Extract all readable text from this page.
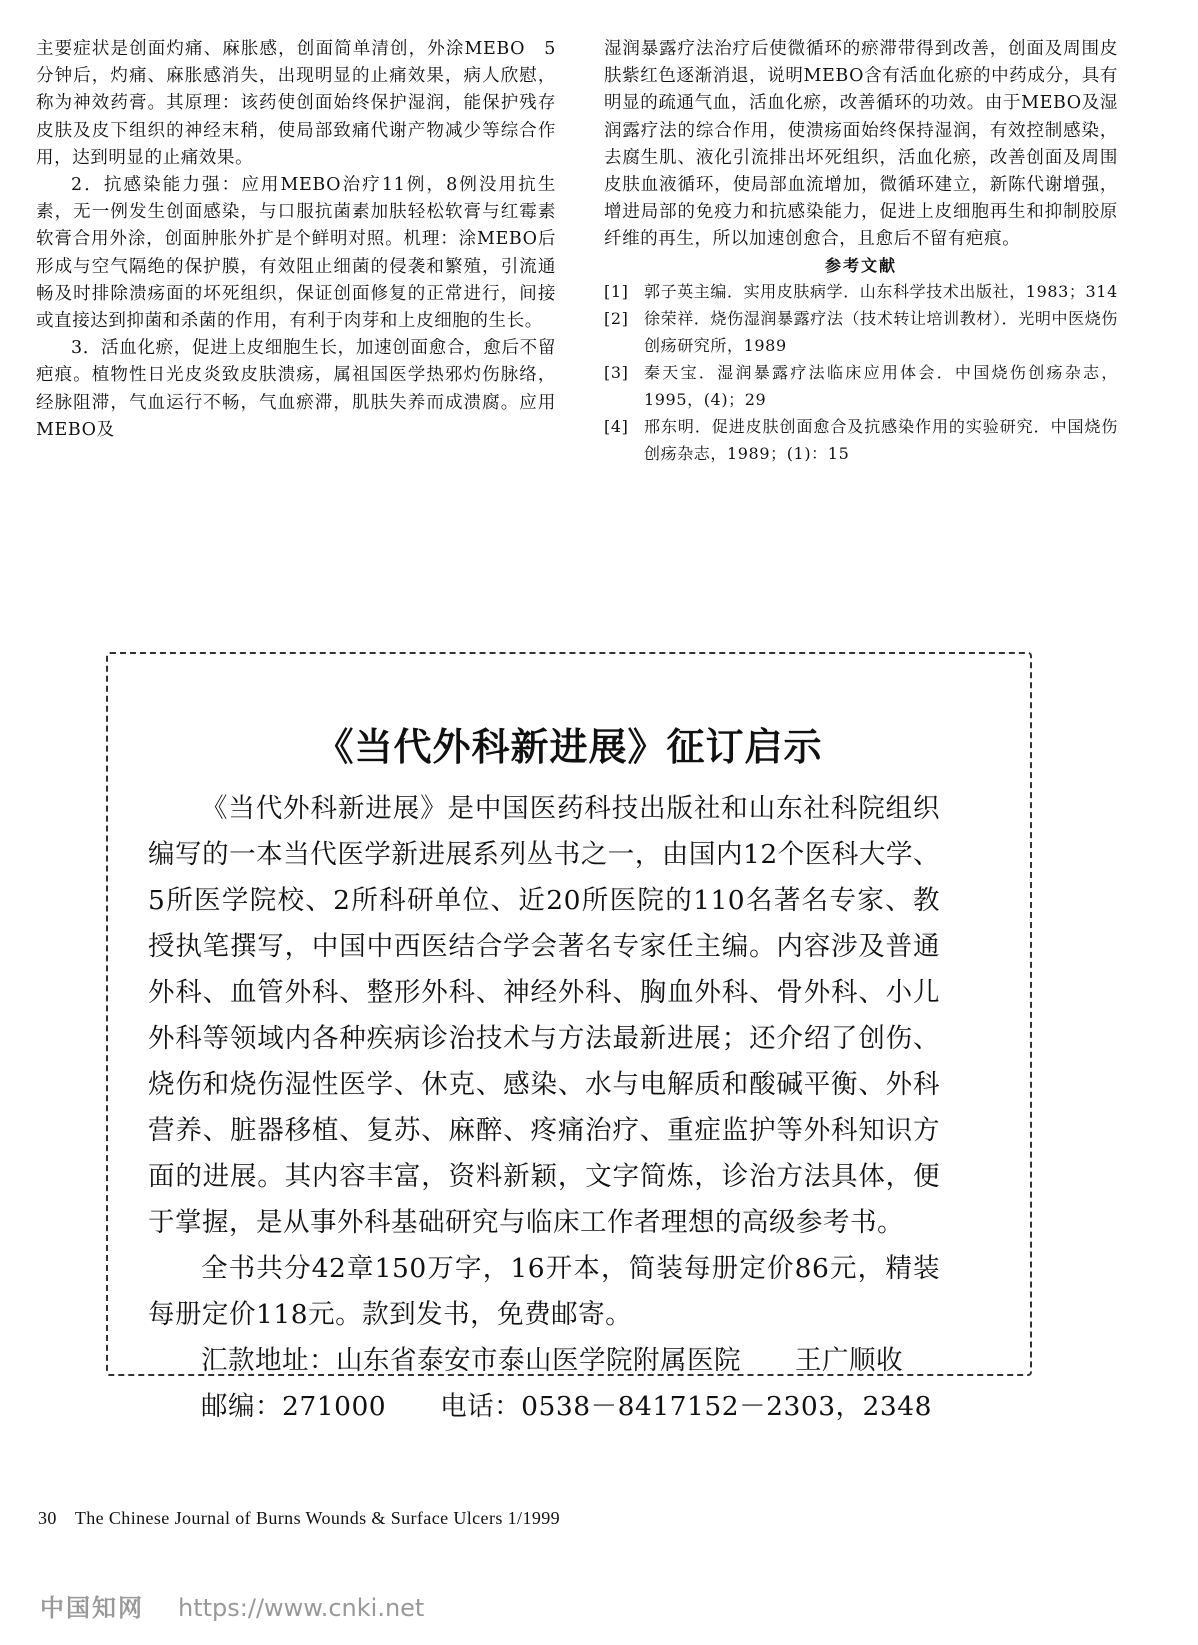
主要症状是创面灼痛、麻胀感，创面简单清创，外涂MEBO　5分钟后，灼痛、麻胀感消失，出现明显的止痛效果，病人欣慰，称为神效药膏。其原理：该药使创面始终保护湿润，能保护残存皮肤及皮下组织的神经末稍，使局部致痛代谢产物减少等综合作用，达到明显的止痛效果。

2．抗感染能力强：应用MEBO治疗11例，8例没用抗生素，无一例发生创面感染，与口服抗菌素加肤轻松软膏与红霉素软膏合用外涂，创面肿胀外扩是个鲜明对照。机理：涂MEBO后形成与空气隔绝的保护膜，有效阻止细菌的侵袭和繁殖，引流通畅及时排除溃疡面的坏死组织，保证创面修复的正常进行，间接或直接达到抑菌和杀菌的作用，有利于肉芽和上皮细胞的生长。

3．活血化瘀，促进上皮细胞生长，加速创面愈合，愈后不留疤痕。植物性日光皮炎致皮肤溃疡，属祖国医学热邪灼伤脉络，经脉阻滞，气血运行不畅，气血瘀滞，肌肤失养而成溃腐。应用MEBO及

湿润暴露疗法治疗后使微循环的瘀滞带得到改善，创面及周围皮肤紫红色逐渐消退，说明MEBO含有活血化瘀的中药成分，具有明显的疏通气血，活血化瘀，改善循环的功效。由于MEBO及湿润露疗法的综合作用，使溃疡面始终保持湿润，有效控制感染，去腐生肌、液化引流排出坏死组织，活血化瘀，改善创面及周围皮肤血液循环，使局部血流增加，微循环建立，新陈代谢增强，增进局部的免疫力和抗感染能力，促进上皮细胞再生和抑制胶原纤维的再生，所以加速创愈合，且愈后不留有疤痕。

参考文献

[1] 郭子英主编．实用皮肤病学．山东科学技术出版社，1983；314
[2] 徐荣祥．烧伤湿润暴露疗法（技术转让培训教材）．光明中医烧伤创疡研究所，1989
[3] 秦天宝．湿润暴露疗法临床应用体会．中国烧伤创疡杂志，1995，(4)；29
[4] 邢东明．促进皮肤创面愈合及抗感染作用的实验研究．中国烧伤创疡杂志，1989；(1)：15
《当代外科新进展》征订启示

《当代外科新进展》是中国医药科技出版社和山东社科院组织编写的一本当代医学新进展系列丛书之一，由国内12个医科大学、5所医学院校、2所科研单位、近20所医院的110名著名专家、教授执笔撰写，中国中西医结合学会著名专家任主编。内容涉及普通外科、血管外科、整形外科、神经外科、胸血外科、骨外科、小儿外科等领域内各种疾病诊治技术与方法最新进展；还介绍了创伤、烧伤和烧伤湿性医学、休克、感染、水与电解质和酸碱平衡、外科营养、脏器移植、复苏、麻醉、疼痛治疗、重症监护等外科知识方面的进展。其内容丰富，资料新颖，文字简炼，诊治方法具体，便于掌握，是从事外科基础研究与临床工作者理想的高级参考书。

全书共分42章150万字，16开本，简装每册定价86元，精装每册定价118元。款到发书，免费邮寄。

汇款地址：山东省泰安市泰山医学院附属医院　　王广顺收

邮编：271000　　电话：0538－8417152－2303，2348

30 The Chinese Journal of Burns Wounds & Surface Ulcers 1/1999
中国知网 https://www.cnki.net
